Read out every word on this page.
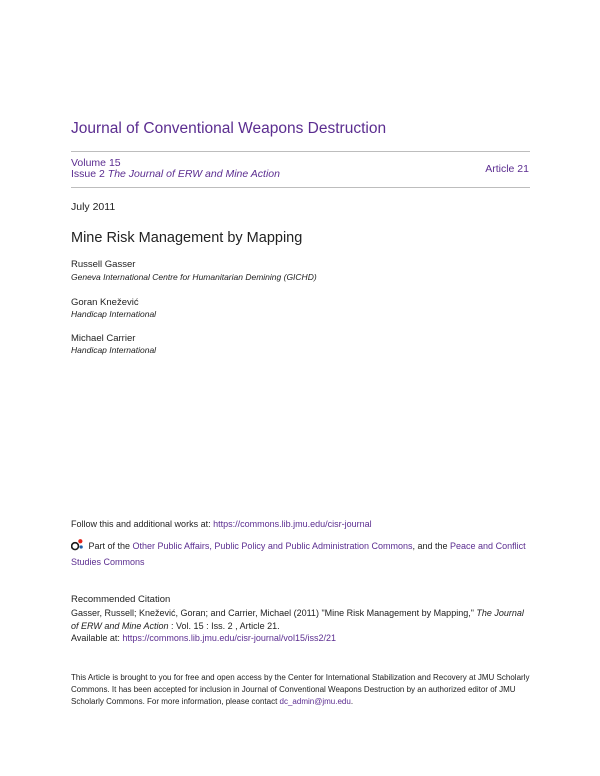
Journal of Conventional Weapons Destruction
Volume 15
Issue 2 The Journal of ERW and Mine Action	Article 21
July 2011
Mine Risk Management by Mapping
Russell Gasser
Geneva International Centre for Humanitarian Demining (GICHD)
Goran Knežević
Handicap International
Michael Carrier
Handicap International
Follow this and additional works at: https://commons.lib.jmu.edu/cisr-journal
Part of the Other Public Affairs, Public Policy and Public Administration Commons, and the Peace and Conflict Studies Commons
Recommended Citation
Gasser, Russell; Knežević, Goran; and Carrier, Michael (2011) "Mine Risk Management by Mapping," The Journal of ERW and Mine Action : Vol. 15 : Iss. 2 , Article 21.
Available at: https://commons.lib.jmu.edu/cisr-journal/vol15/iss2/21
This Article is brought to you for free and open access by the Center for International Stabilization and Recovery at JMU Scholarly Commons. It has been accepted for inclusion in Journal of Conventional Weapons Destruction by an authorized editor of JMU Scholarly Commons. For more information, please contact dc_admin@jmu.edu.
